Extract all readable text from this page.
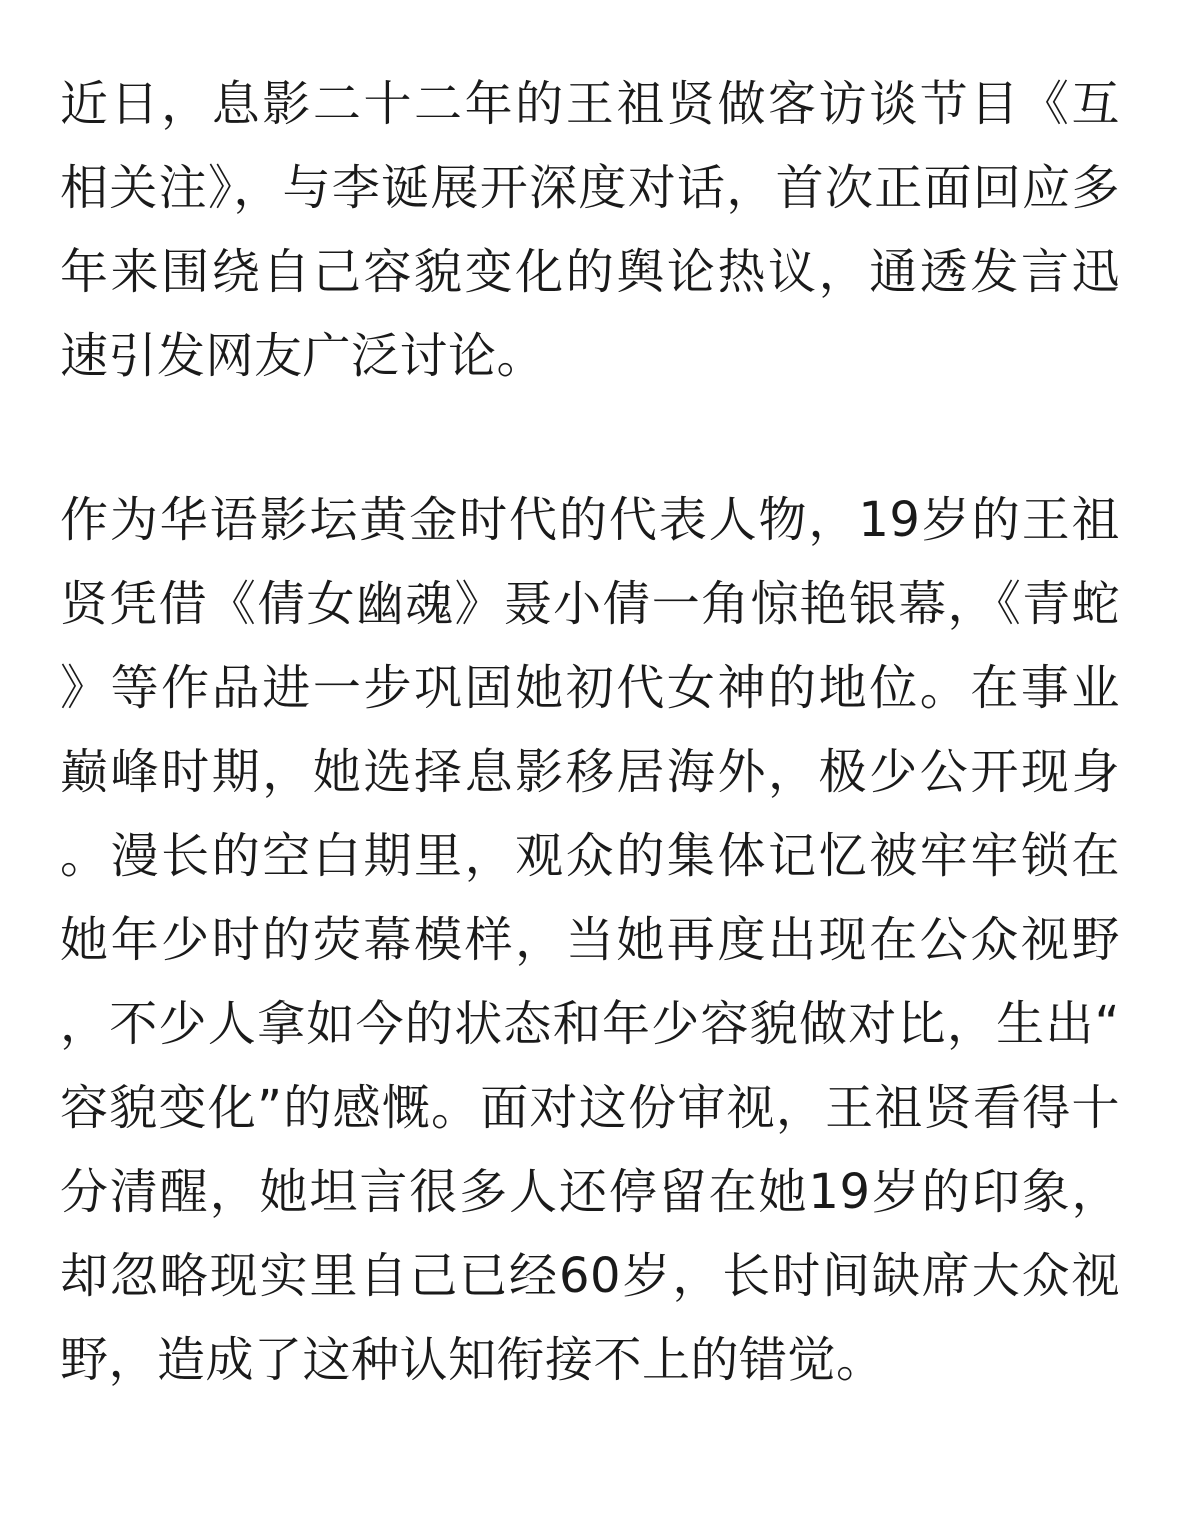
近日，息影二十二年的王祖贤做客访谈节目《互相关注》，与李诞展开深度对话，首次正面回应多年来围绕自己容貌变化的舆论热议，通透发言迅速引发网友广泛讨论。

作为华语影坛黄金时代的代表人物，19岁的王祖贤凭借《倩女幽魂》聂小倩一角惊艳银幕，《青蛇》等作品进一步巩固她初代女神的地位。在事业巅峰时期，她选择息影移居海外，极少公开现身。漫长的空白期里，观众的集体记忆被牢牢锁在她年少时的荧幕模样，当她再度出现在公众视野，不少人拿如今的状态和年少容貌做对比，生出“容貌变化”的感慨。面对这份审视，王祖贤看得十分清醒，她坦言很多人还停留在她19岁的印象，却忽略现实里自己已经60岁，长时间缺席大众视野，造成了这种认知衔接不上的错觉。
